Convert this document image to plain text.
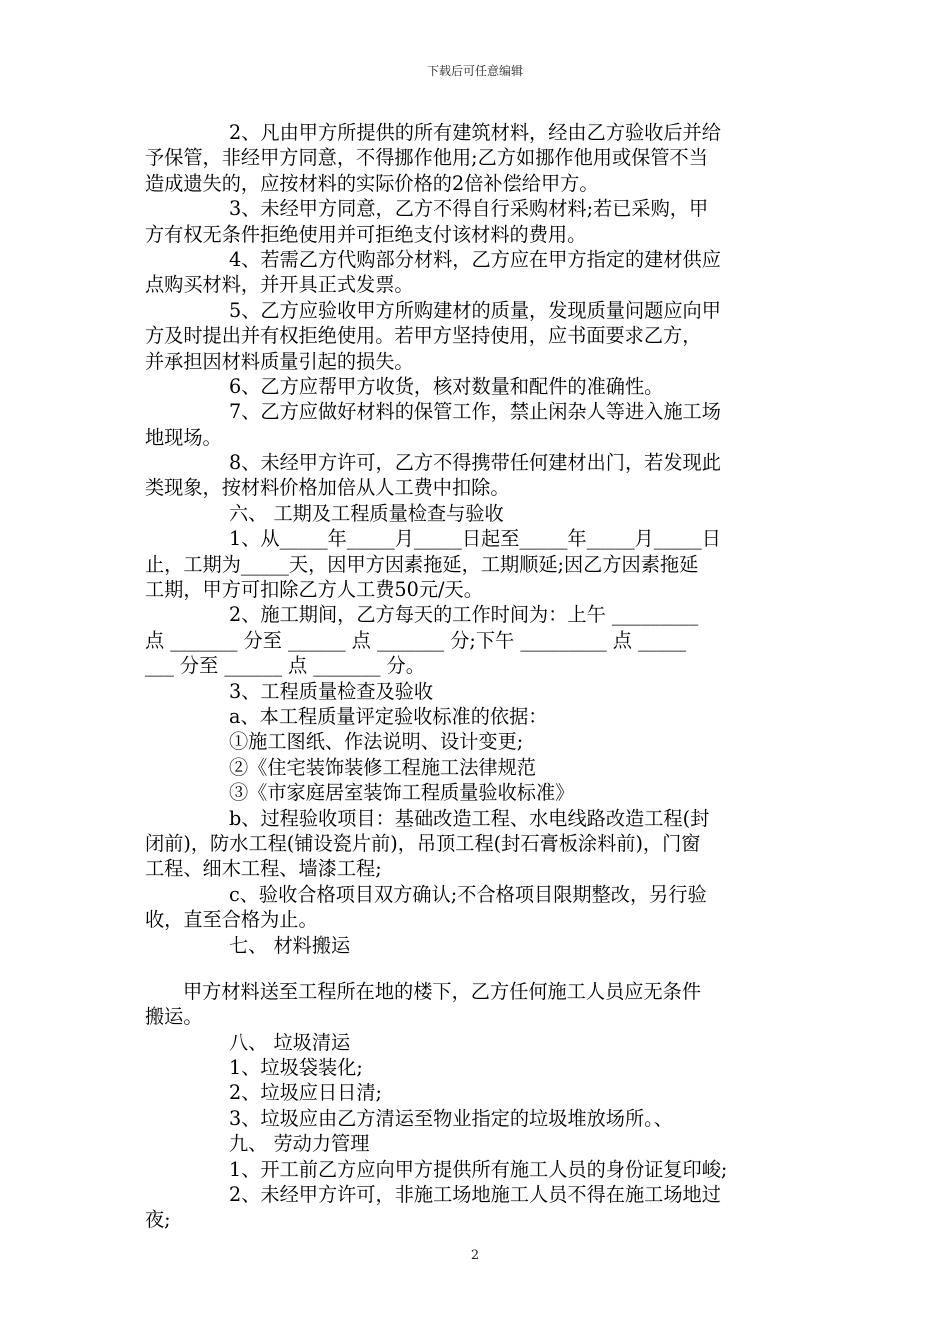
下载后可任意编辑
2、凡由甲方所提供的所有建筑材料，经由乙方验收后并给
予保管，非经甲方同意，不得挪作他用;乙方如挪作他用或保管不当
造成遗失的，应按材料的实际价格的2倍补偿给甲方。
3、未经甲方同意，乙方不得自行采购材料;若已采购，甲
方有权无条件拒绝使用并可拒绝支付该材料的费用。
4、若需乙方代购部分材料，乙方应在甲方指定的建材供应
点购买材料，并开具正式发票。
5、乙方应验收甲方所购建材的质量，发现质量问题应向甲
方及时提出并有权拒绝使用。若甲方坚持使用，应书面要求乙方，
并承担因材料质量引起的损失。
6、乙方应帮甲方收货，核对数量和配件的准确性。
7、乙方应做好材料的保管工作，禁止闲杂人等进入施工场
地现场。
8、未经甲方许可，乙方不得携带任何建材出门，若发现此
类现象，按材料价格加倍从人工费中扣除。
六、 工期及工程质量检查与验收
1、从_____年_____月_____日起至_____年_____月_____日
止，工期为_____天，因甲方因素拖延，工期顺延;因乙方因素拖延
工期，甲方可扣除乙方人工费50元/天。
2、施工期间，乙方每天的工作时间为：上午 _________
点 _______ 分至 ______ 点 _______ 分;下午 _________ 点 _____
___ 分至 ______ 点 _______ 分。
3、工程质量检查及验收
a、本工程质量评定验收标准的依据：
①施工图纸、作法说明、设计变更;
②《住宅装饰装修工程施工法律规范
③《市家庭居室装饰工程质量验收标准》
b、过程验收项目：基础改造工程、水电线路改造工程(封
闭前)，防水工程(铺设瓷片前)，吊顶工程(封石膏板涂料前)，门窗
工程、细木工程、墙漆工程;
c、验收合格项目双方确认;不合格项目限期整改，另行验
收，直至合格为止。
七、 材料搬运
甲方材料送至工程所在地的楼下，乙方任何施工人员应无条件
搬运。
八、 垃圾清运
1、垃圾袋装化;
2、垃圾应日日清;
3、垃圾应由乙方清运至物业指定的垃圾堆放场所。、
九、 劳动力管理
1、开工前乙方应向甲方提供所有施工人员的身份证复印峻;
2、未经甲方许可，非施工场地施工人员不得在施工场地过
夜;
2
